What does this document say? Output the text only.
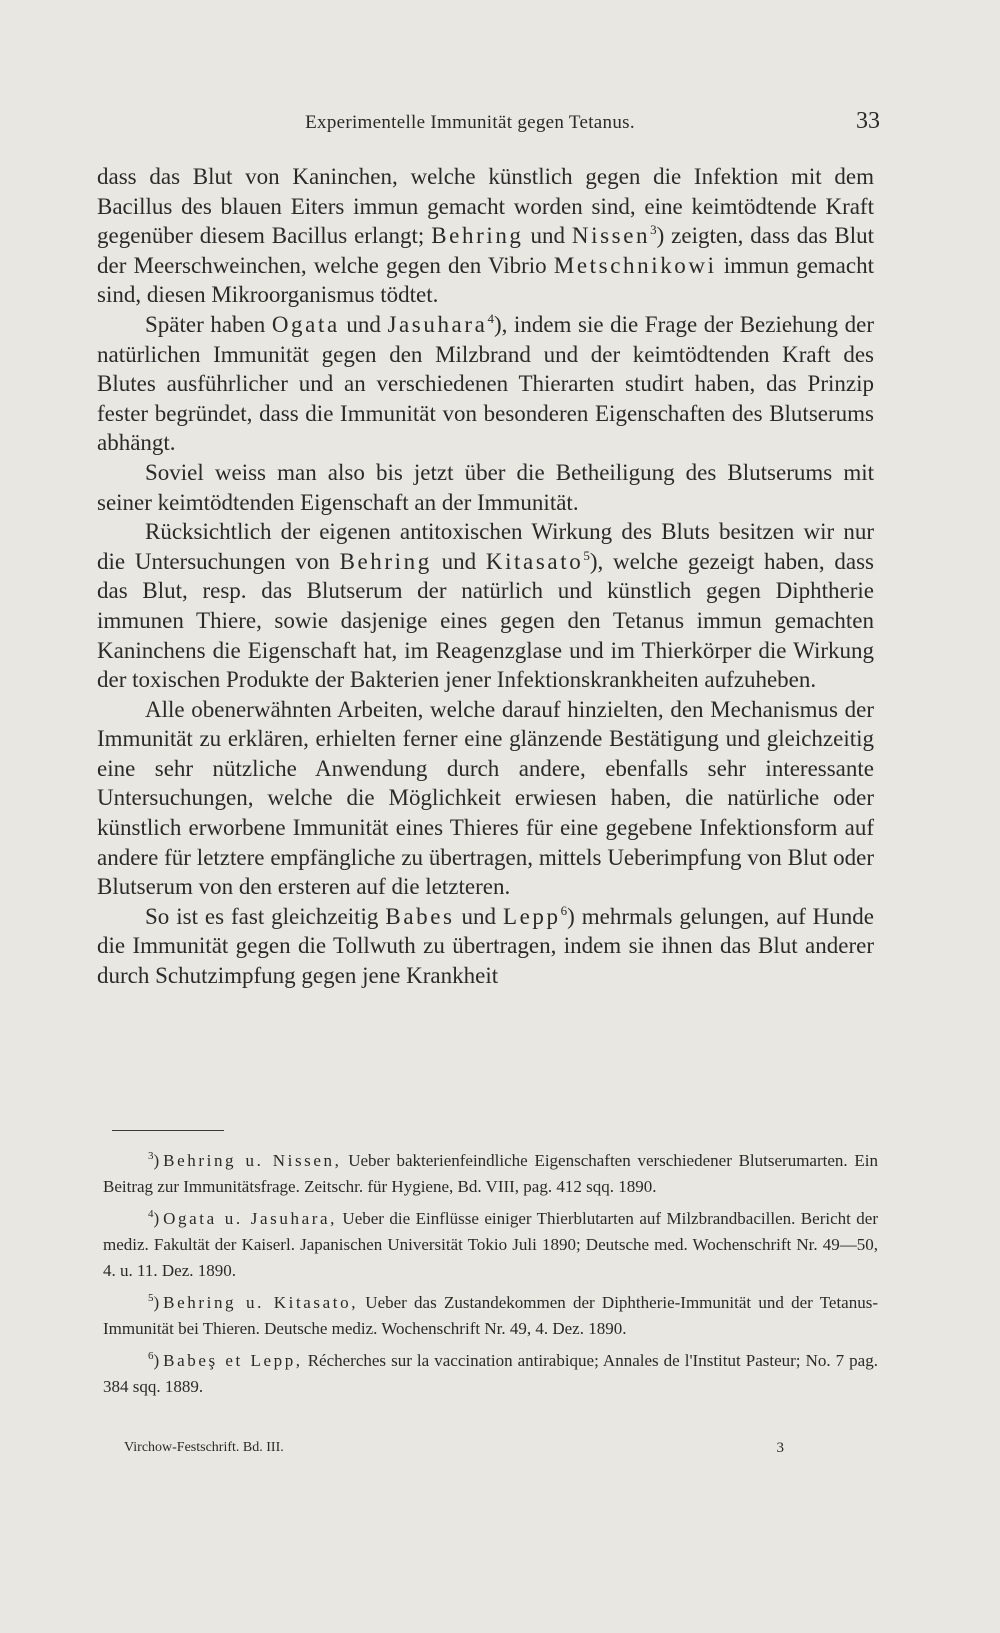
Experimentelle Immunität gegen Tetanus.	33

dass das Blut von Kaninchen, welche künstlich gegen die Infektion mit dem Bacillus des blauen Eiters immun gemacht worden sind, eine keimtödtende Kraft gegenüber diesem Bacillus erlangt; Behring und Nissen$^3$) zeigten, dass das Blut der Meerschweinchen, welche gegen den Vibrio Metschnikowi immun gemacht sind, diesen Mikroorganismus tödtet.

Später haben Ogata und Jasuhara$^4$), indem sie die Frage der Beziehung der natürlichen Immunität gegen den Milzbrand und der keimtödtenden Kraft des Blutes ausführlicher und an verschiedenen Thierarten studirt haben, das Prinzip fester begründet, dass die Immunität von besonderen Eigenschaften des Blutserums abhängt.

Soviel weiss man also bis jetzt über die Betheiligung des Blutserums mit seiner keimtödtenden Eigenschaft an der Immunität.

Rücksichtlich der eigenen antitoxischen Wirkung des Bluts besitzen wir nur die Untersuchungen von Behring und Kitasato$^5$), welche gezeigt haben, dass das Blut, resp. das Blutserum der natürlich und künstlich gegen Diphtherie immunen Thiere, sowie dasjenige eines gegen den Tetanus immun gemachten Kaninchens die Eigenschaft hat, im Reagenzglase und im Thierkörper die Wirkung der toxischen Produkte der Bakterien jener Infektionskrankheiten aufzuheben.

Alle obenerwähnten Arbeiten, welche darauf hinzielten, den Mechanismus der Immunität zu erklären, erhielten ferner eine glänzende Bestätigung und gleichzeitig eine sehr nützliche Anwendung durch andere, ebenfalls sehr interessante Untersuchungen, welche die Möglichkeit erwiesen haben, die natürliche oder künstlich erworbene Immunität eines Thieres für eine gegebene Infektionsform auf andere für letztere empfängliche zu übertragen, mittels Ueberimpfung von Blut oder Blutserum von den ersteren auf die letzteren.

So ist es fast gleichzeitig Babes und Lepp$^6$) mehrmals gelungen, auf Hunde die Immunität gegen die Tollwuth zu übertragen, indem sie ihnen das Blut anderer durch Schutzimpfung gegen jene Krankheit

$^3$) Behring u. Nissen, Ueber bakterienfeindliche Eigenschaften verschiedener Blutserumarten. Ein Beitrag zur Immunitätsfrage. Zeitschr. für Hygiene, Bd. VIII, pag. 412 sqq. 1890.

$^4$) Ogata u. Jasuhara, Ueber die Einflüsse einiger Thierblutarten auf Milzbrandbacillen. Bericht der mediz. Fakultät der Kaiserl. Japanischen Universität Tokio Juli 1890; Deutsche med. Wochenschrift Nr. 49—50, 4. u. 11. Dez. 1890.

$^5$) Behring u. Kitasato, Ueber das Zustandekommen der Diphtherie-Immunität und der Tetanus-Immunität bei Thieren. Deutsche mediz. Wochenschrift Nr. 49, 4. Dez. 1890.

$^6$) Babeş et Lepp, Récherches sur la vaccination antirabique; Annales de l'Institut Pasteur; No. 7 pag. 384 sqq. 1889.

Virchow-Festschrift. Bd. III.	3
